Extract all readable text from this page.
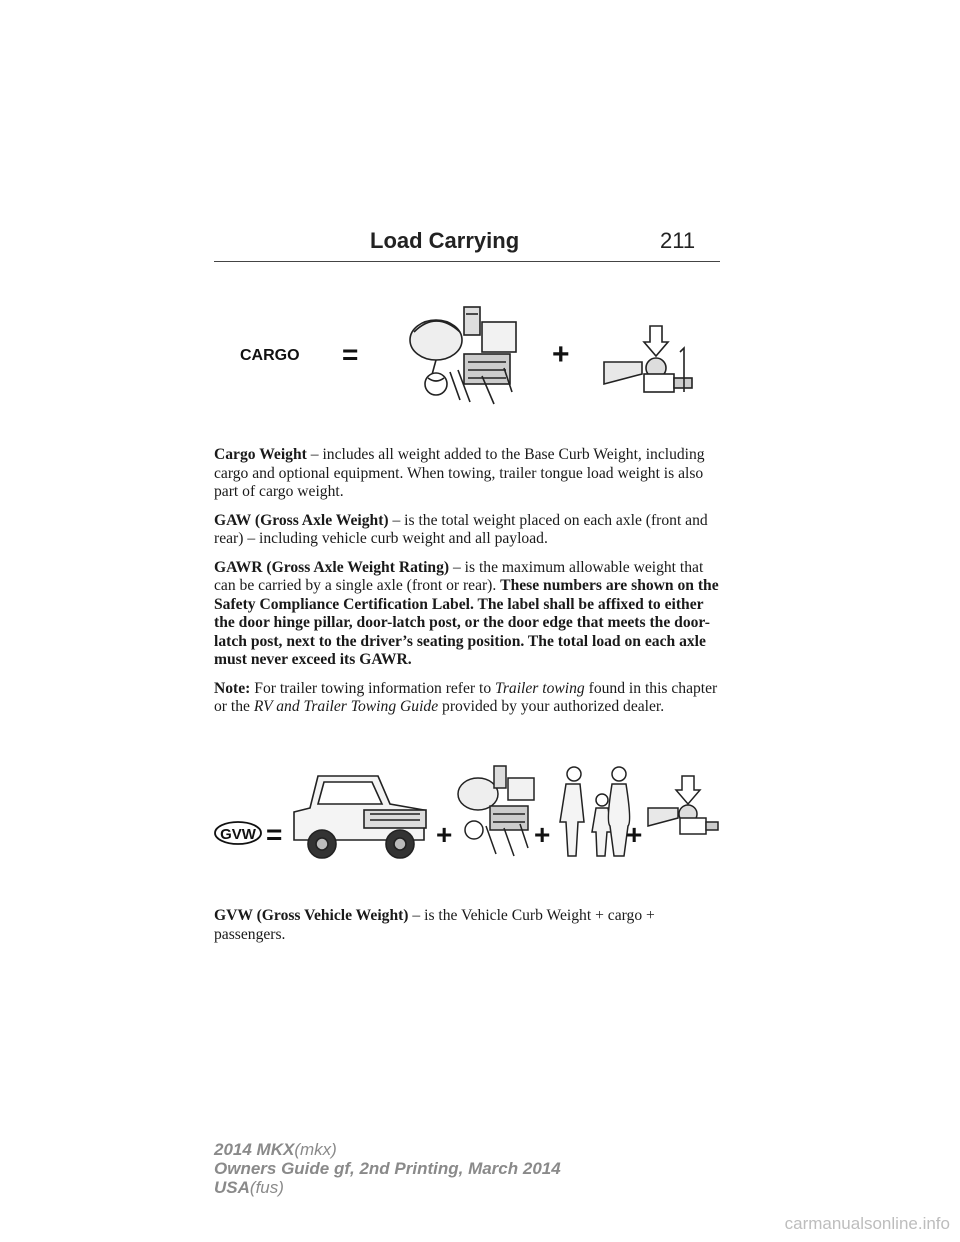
Load Carrying	211
CARGO =	+

Cargo Weight – includes all weight added to the Base Curb Weight, including cargo and optional equipment. When towing, trailer tongue load weight is also part of cargo weight.

GAW (Gross Axle Weight) – is the total weight placed on each axle (front and rear) – including vehicle curb weight and all payload.

GAWR (Gross Axle Weight Rating) – is the maximum allowable weight that can be carried by a single axle (front or rear). These numbers are shown on the Safety Compliance Certification Label. The label shall be affixed to either the door hinge pillar, door-latch post, or the door edge that meets the door-latch post, next to the driver’s seating position. The total load on each axle must never exceed its GAWR.

Note: For trailer towing information refer to Trailer towing found in this chapter or the RV and Trailer Towing Guide provided by your authorized dealer.

GVW =	+	+	+

GVW (Gross Vehicle Weight) – is the Vehicle Curb Weight + cargo + passengers.

2014 MKX(mkx)
Owners Guide gf, 2nd Printing, March 2014
USA(fus)
carmanualsonline.info
